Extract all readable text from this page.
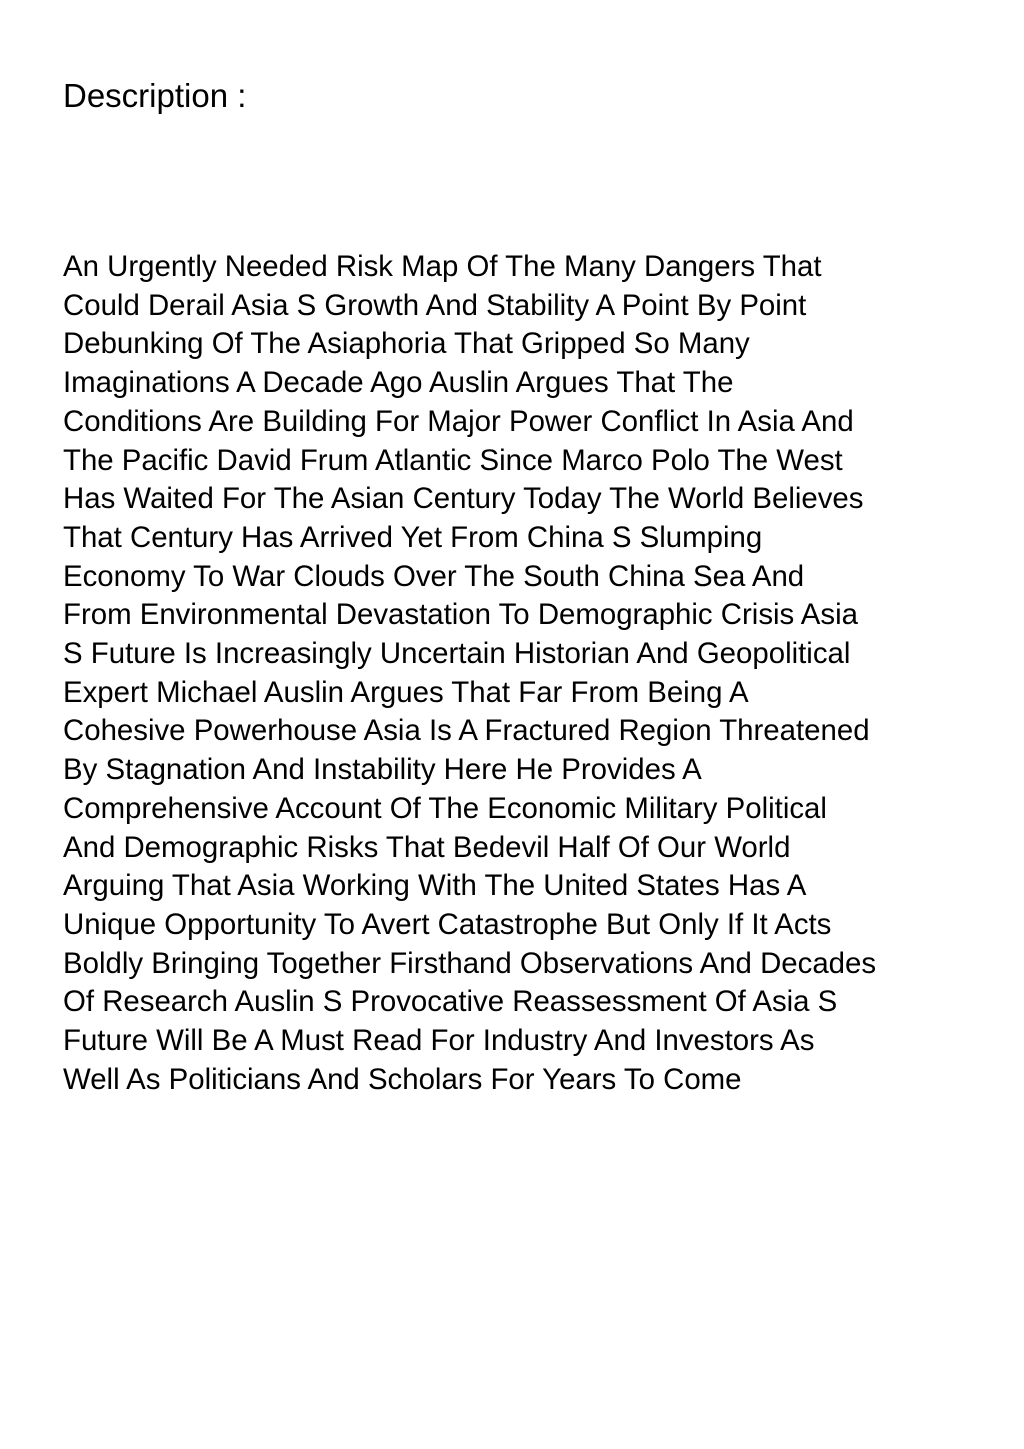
Description :
An Urgently Needed Risk Map Of The Many Dangers That
Could Derail Asia S Growth And Stability A Point By Point
Debunking Of The Asiaphoria That Gripped So Many
Imaginations A Decade Ago Auslin Argues That The
Conditions Are Building For Major Power Conflict In Asia And
The Pacific David Frum Atlantic Since Marco Polo The West
Has Waited For The Asian Century Today The World Believes
That Century Has Arrived Yet From China S Slumping
Economy To War Clouds Over The South China Sea And
From Environmental Devastation To Demographic Crisis Asia
S Future Is Increasingly Uncertain Historian And Geopolitical
Expert Michael Auslin Argues That Far From Being A
Cohesive Powerhouse Asia Is A Fractured Region Threatened
By Stagnation And Instability Here He Provides A
Comprehensive Account Of The Economic Military Political
And Demographic Risks That Bedevil Half Of Our World
Arguing That Asia Working With The United States Has A
Unique Opportunity To Avert Catastrophe But Only If It Acts
Boldly Bringing Together Firsthand Observations And Decades
Of Research Auslin S Provocative Reassessment Of Asia S
Future Will Be A Must Read For Industry And Investors As
Well As Politicians And Scholars For Years To Come
